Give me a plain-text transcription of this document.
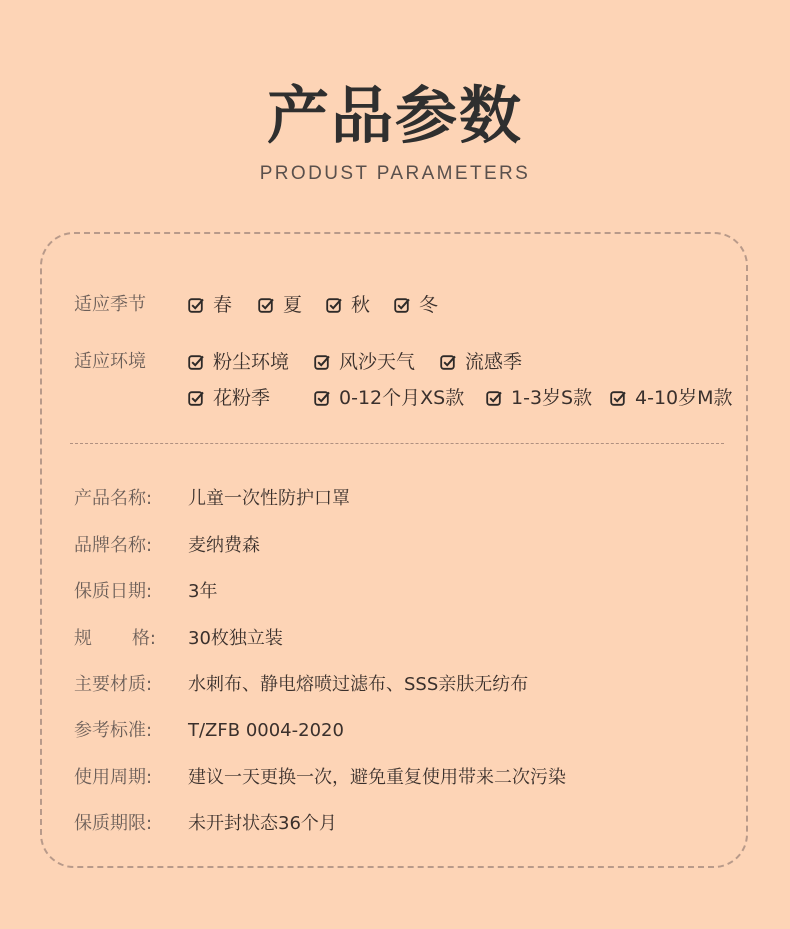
产品参数
PRODUST PARAMETERS
适应季节	春	夏	秋	冬
适应环境	粉尘环境	风沙天气	流感季
花粉季	0-12个月XS款 1-3岁S款 4-10岁M款
产品名称: 儿童一次性防护口罩
品牌名称: 麦纳费森
保质日期: 3年
规 格: 30枚独立装
主要材质: 水刺布、静电熔喷过滤布、SSS亲肤无纺布
参考标准: T/ZFB 0004-2020
使用周期: 建议一天更换一次，避免重复使用带来二次污染
保质期限: 未开封状态36个月
